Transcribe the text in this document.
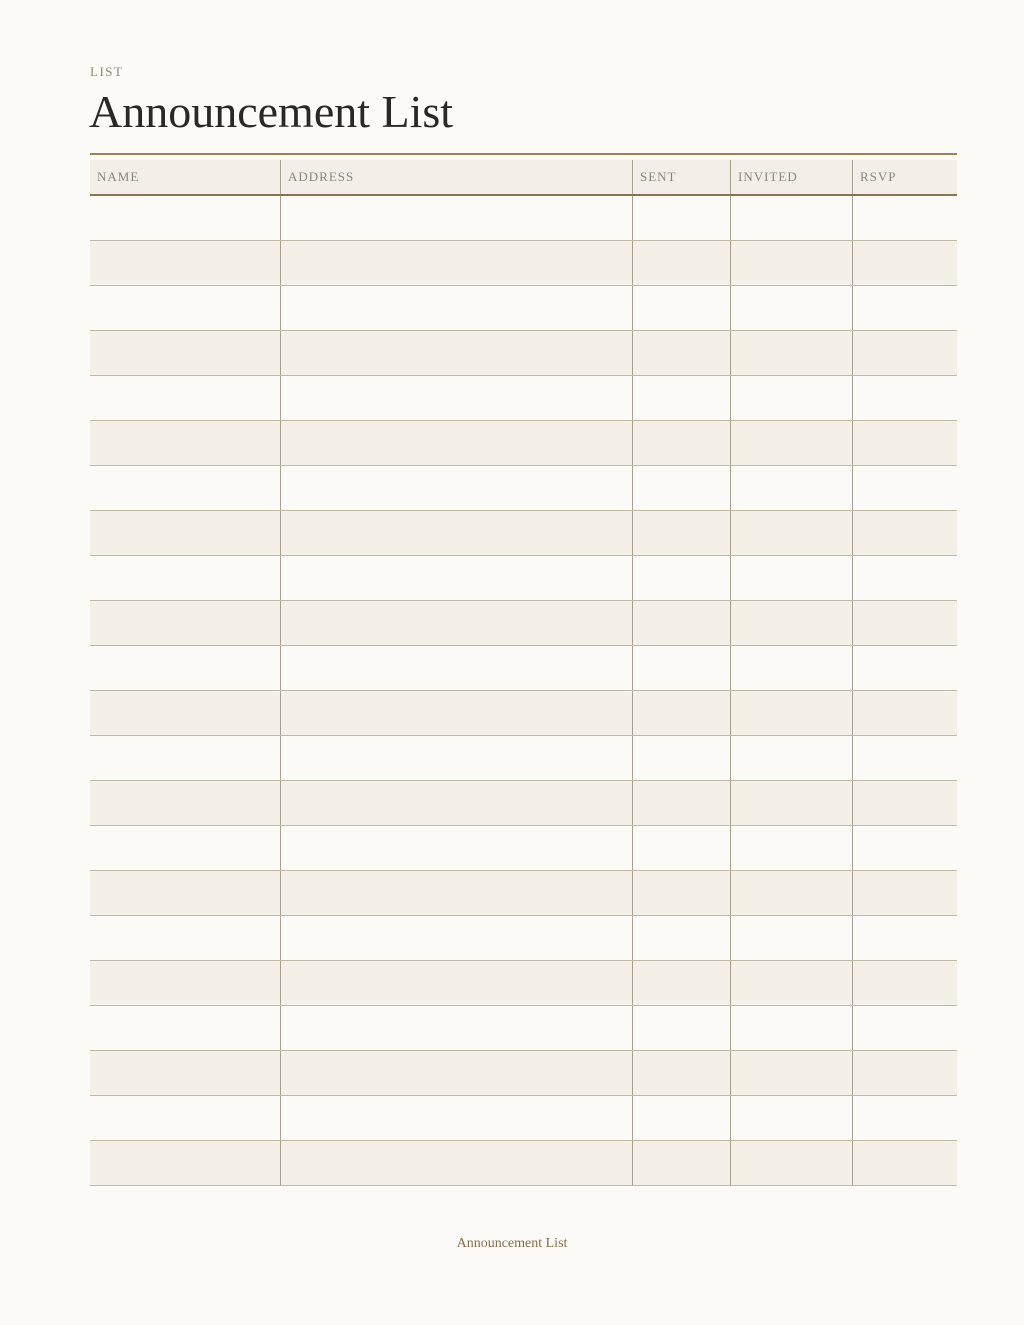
LIST
Announcement List
NAME	ADDRESS	SENT	INVITED	RSVP
Announcement List
